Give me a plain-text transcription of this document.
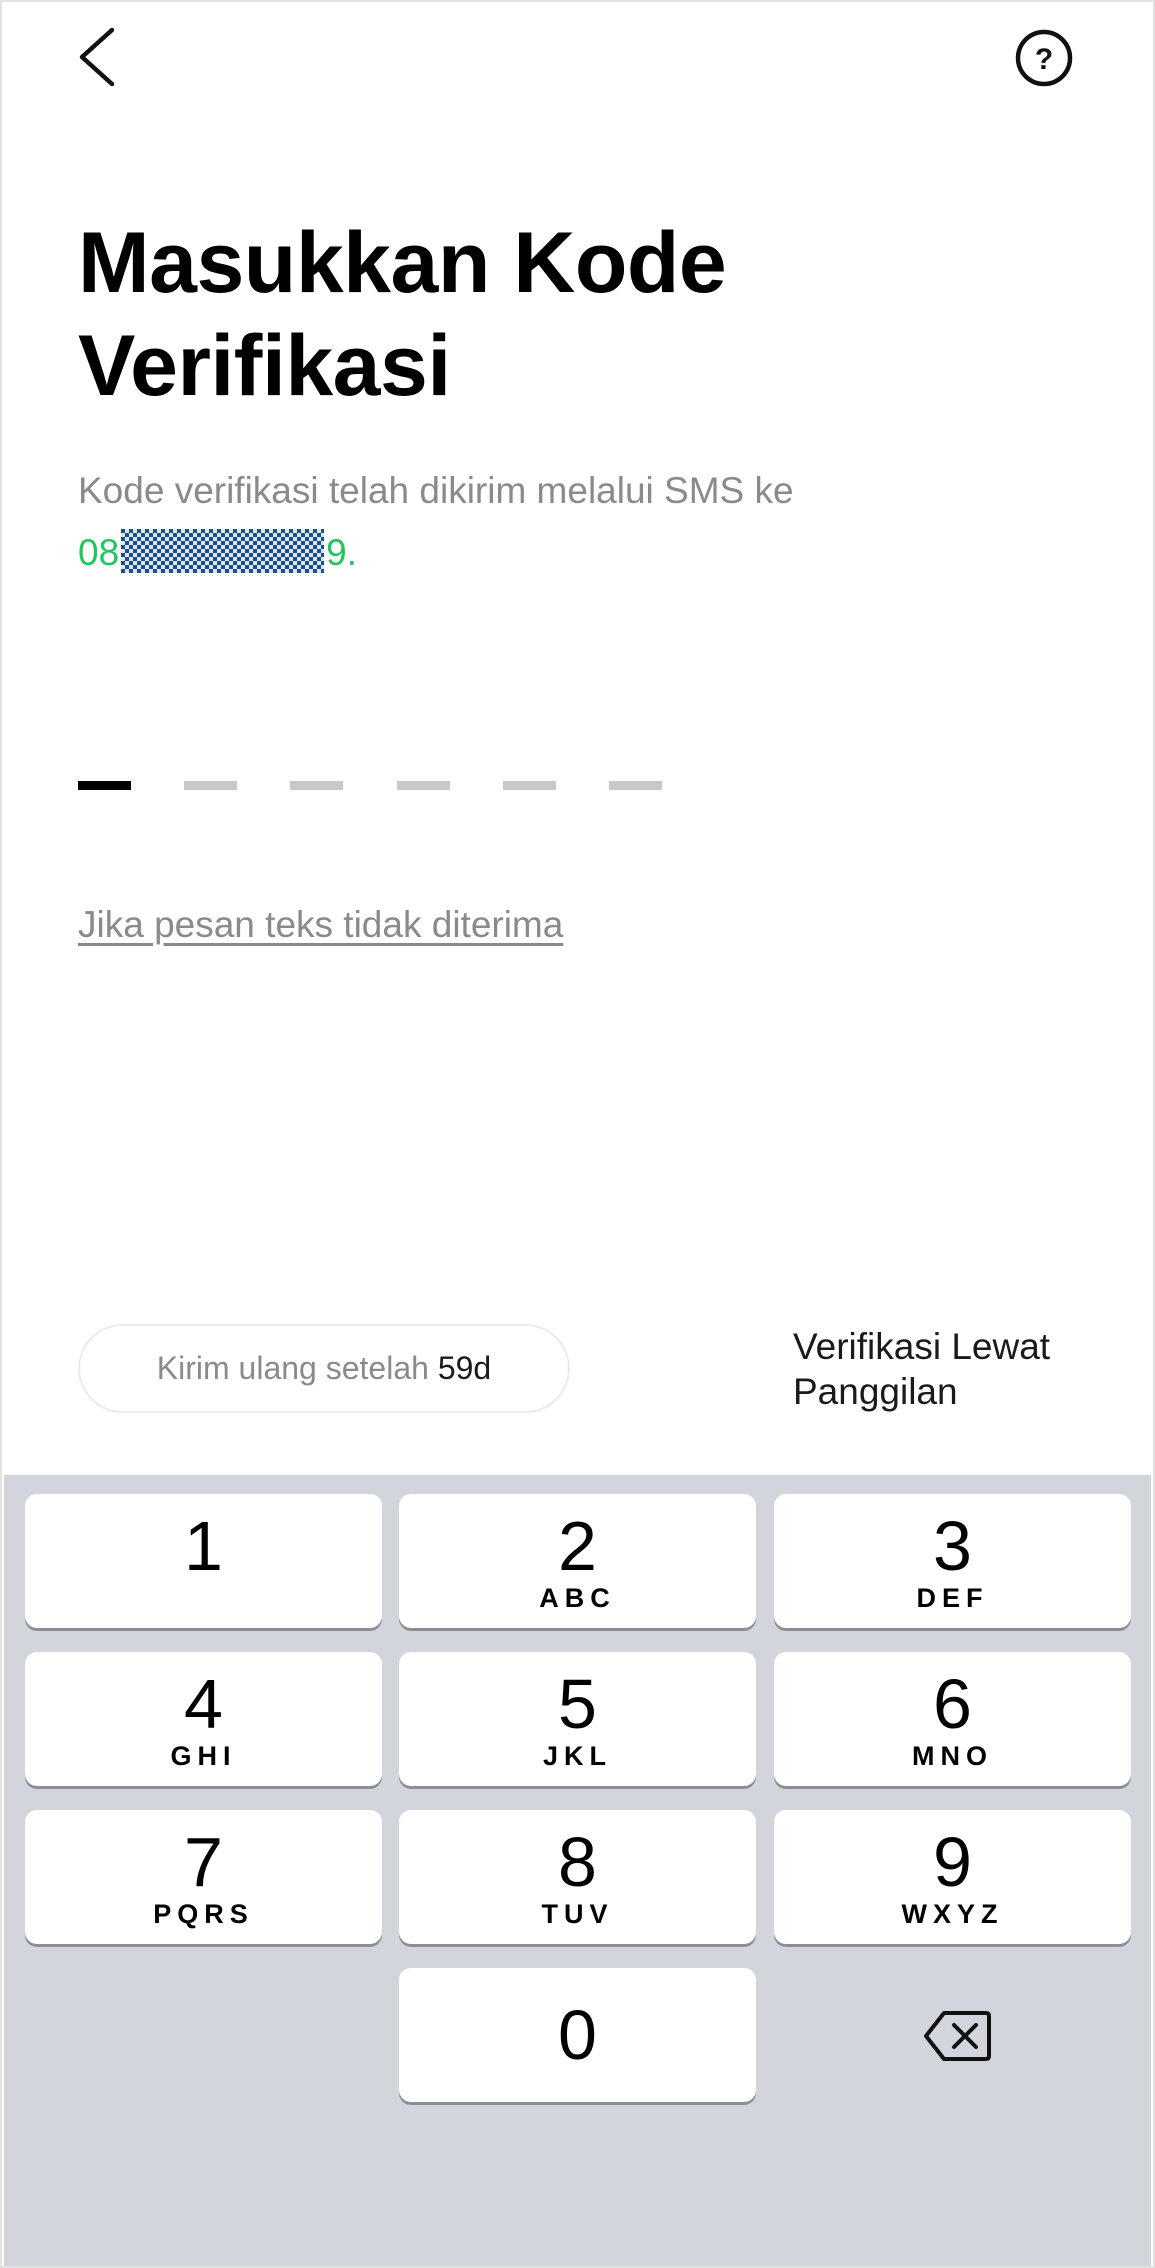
?
Masukkan Kode Verifikasi
Kode verifikasi telah dikirim melalui SMS ke
08	9.
Jika pesan teks tidak diterima
Kirim ulang setelah 59d
Verifikasi Lewat Panggilan
1	2
ABC
3
DEF
4
GHI
5
JKL
6
MNO
7
PQRS
8
TUV
9
WXYZ
0
